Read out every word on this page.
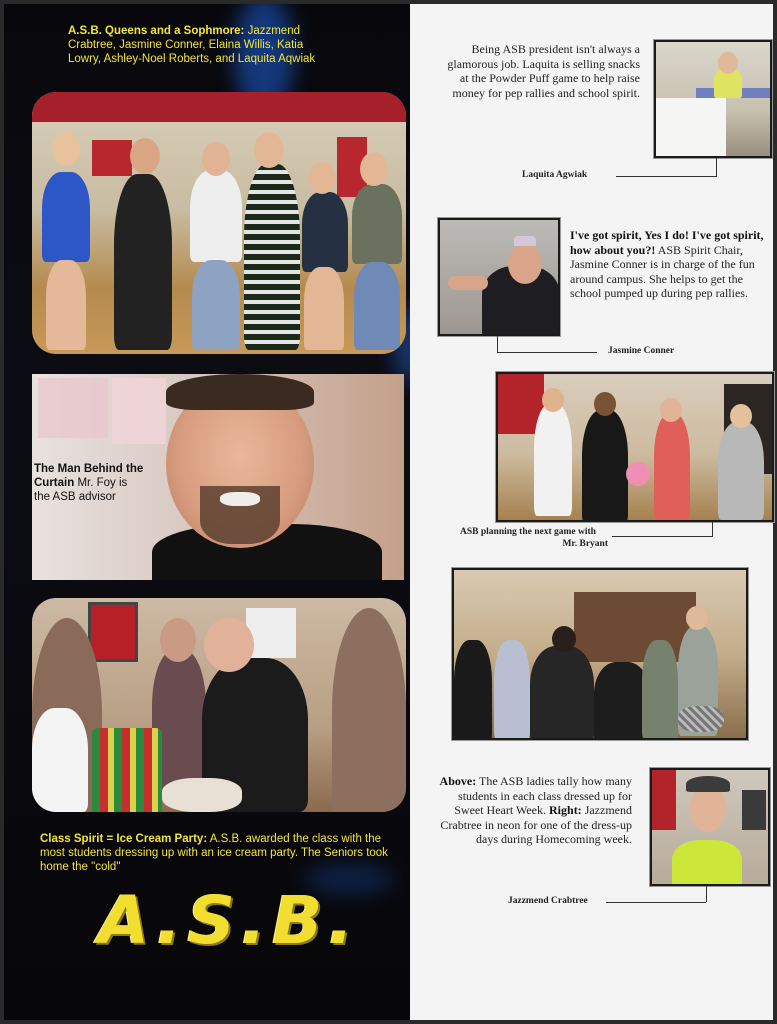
A.S.B. Queens and a Sophmore: Jazzmend Crabtree, Jasmine Conner, Elaina Willis, Katia Lowry, Ashley-Noel Roberts, and Laquita Aqwiak
The Man Behind the Curtain Mr. Foy is the ASB advisor
Class Spirit = Ice Cream Party: A.S.B. awarded the class with the most students dressing up with an ice cream party. The Seniors took home the "cold"
A.S.B.
Being ASB president isn't always a glamorous job. Laquita is selling snacks at the Powder Puff game to help raise money for pep rallies and school spirit.
Laquita Agwiak
I've got spirit, Yes I do! I've got spirit, how about you?! ASB Spirit Chair, Jasmine Conner is in charge of the fun around campus. She helps to get the school pumped up during pep rallies.
Jasmine Conner
ASB planning the next game with
Mr. Bryant
Above: The ASB ladies tally how many students in each class dressed up for Sweet Heart Week. Right: Jazzmend Crabtree in neon for one of the dress-up days during Homecoming week.
Jazzmend Crabtree
